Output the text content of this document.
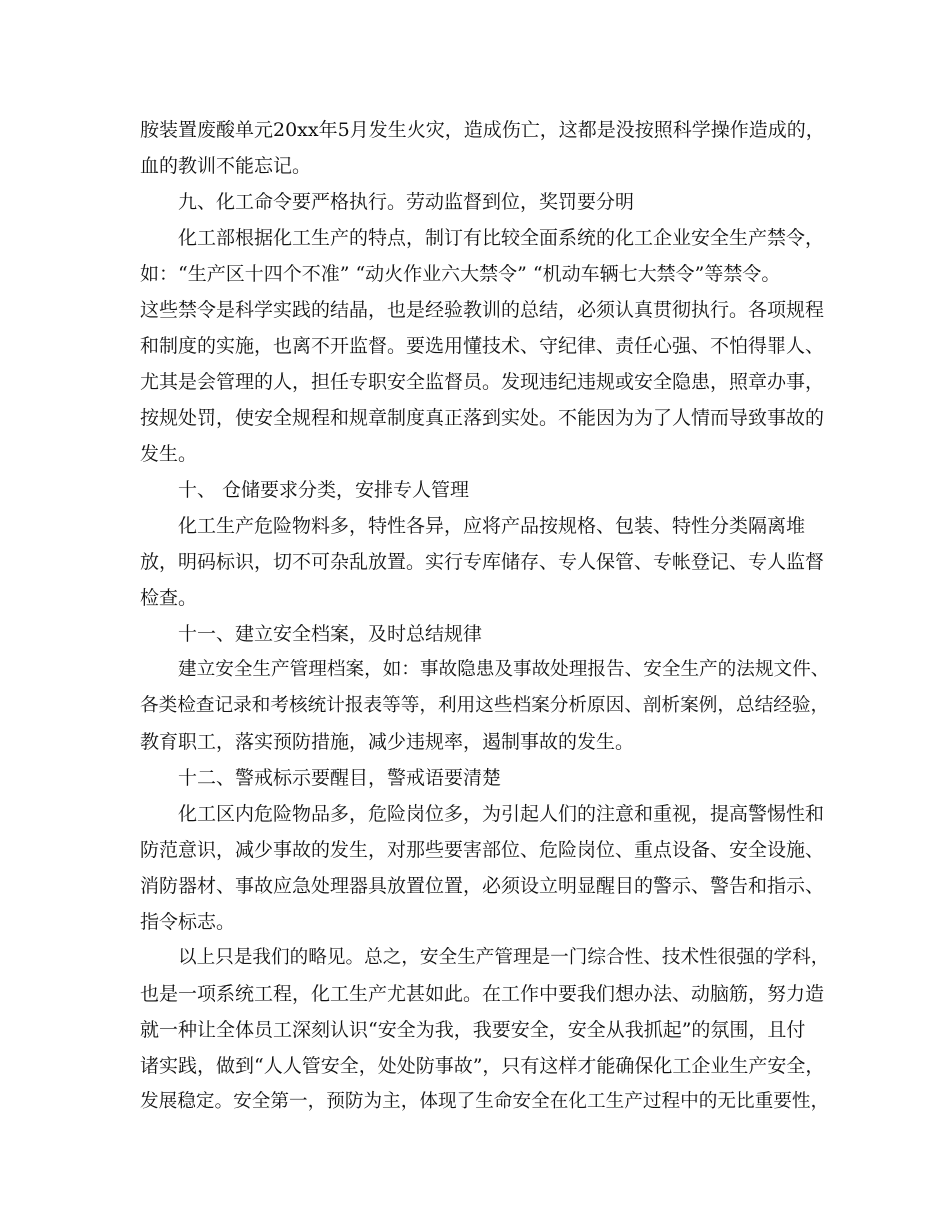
胺装置废酸单元20xx年5月发生火灾，造成伤亡，这都是没按照科学操作造成的，
血的教训不能忘记。
九、化工命令要严格执行。劳动监督到位，奖罚要分明
化工部根据化工生产的特点，制订有比较全面系统的化工企业安全生产禁令，
如：“生产区十四个不准” “动火作业六大禁令” “机动车辆七大禁令”等禁令。
这些禁令是科学实践的结晶，也是经验教训的总结，必须认真贯彻执行。各项规程
和制度的实施，也离不开监督。要选用懂技术、守纪律、责任心强、不怕得罪人、
尤其是会管理的人，担任专职安全监督员。发现违纪违规或安全隐患，照章办事，
按规处罚，使安全规程和规章制度真正落到实处。不能因为为了人情而导致事故的
发生。
十、 仓储要求分类，安排专人管理
化工生产危险物料多，特性各异，应将产品按规格、包装、特性分类隔离堆
放，明码标识，切不可杂乱放置。实行专库储存、专人保管、专帐登记、专人监督
检查。
十一、建立安全档案，及时总结规律
建立安全生产管理档案，如：事故隐患及事故处理报告、安全生产的法规文件、
各类检查记录和考核统计报表等等，利用这些档案分析原因、剖析案例，总结经验，
教育职工，落实预防措施，减少违规率，遏制事故的发生。
十二、警戒标示要醒目，警戒语要清楚
化工区内危险物品多，危险岗位多，为引起人们的注意和重视，提高警惕性和
防范意识，减少事故的发生，对那些要害部位、危险岗位、重点设备、安全设施、
消防器材、事故应急处理器具放置位置，必须设立明显醒目的警示、警告和指示、
指令标志。
以上只是我们的略见。总之，安全生产管理是一门综合性、技术性很强的学科，
也是一项系统工程，化工生产尤甚如此。在工作中要我们想办法、动脑筋，努力造
就一种让全体员工深刻认识“安全为我，我要安全，安全从我抓起”的氛围，且付
诸实践，做到“人人管安全，处处防事故”，只有这样才能确保化工企业生产安全，
发展稳定。安全第一，预防为主，体现了生命安全在化工生产过程中的无比重要性，
